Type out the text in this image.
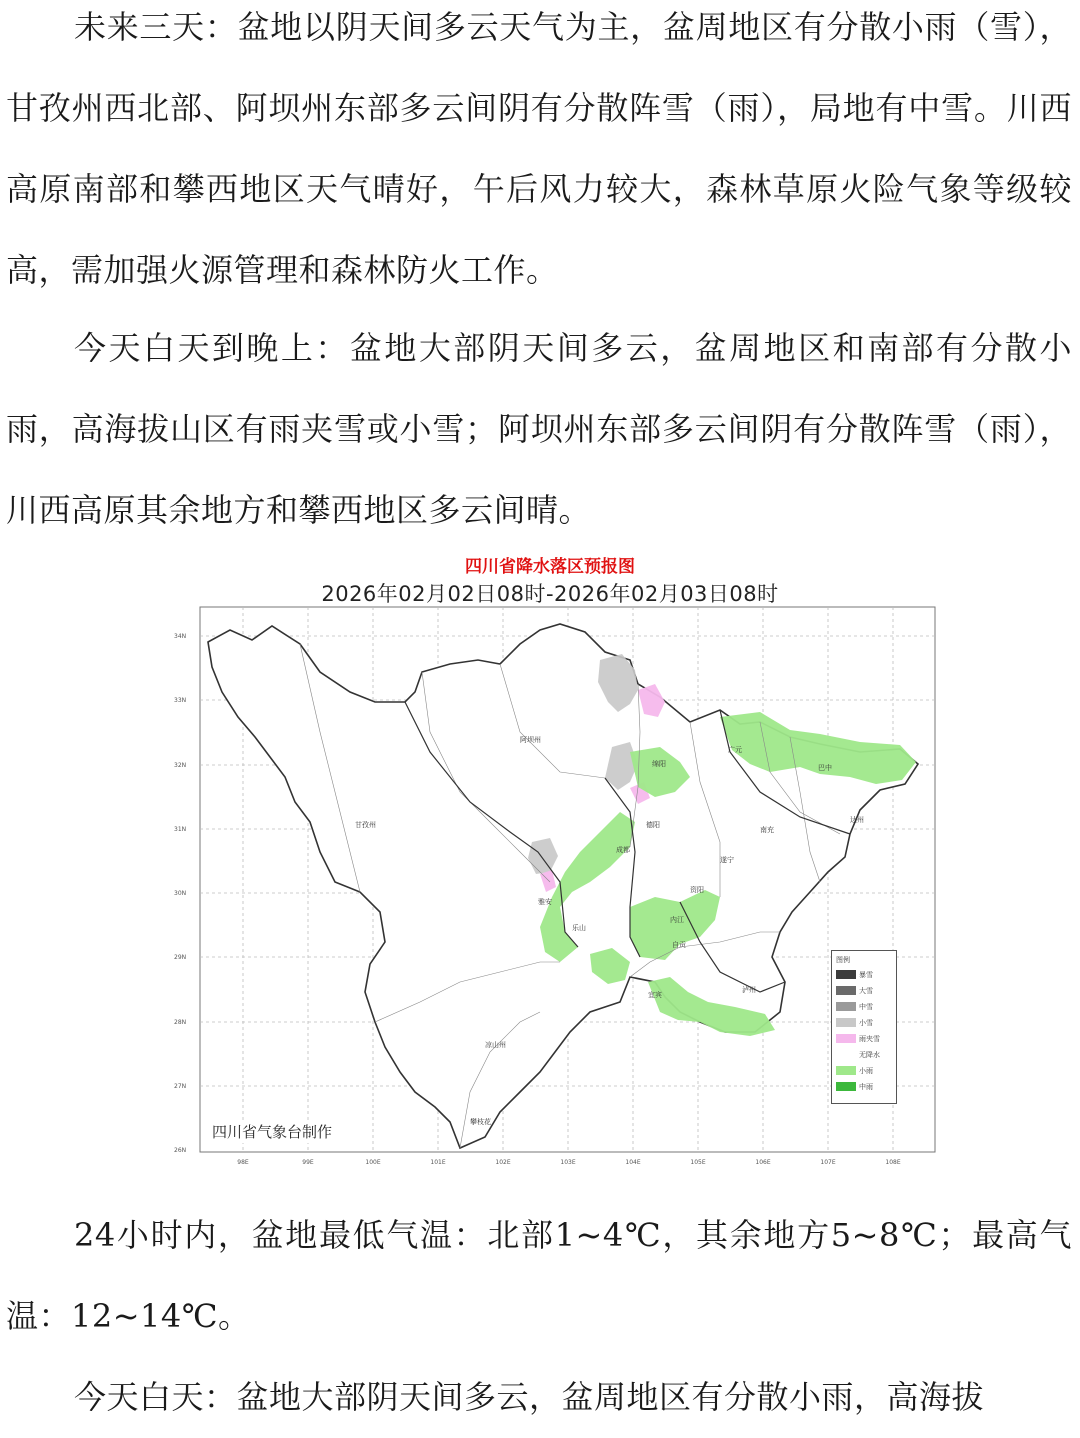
未来三天：盆地以阴天间多云天气为主，盆周地区有分散小雨（雪），甘孜州西北部、阿坝州东部多云间阴有分散阵雪（雨），局地有中雪。川西高原南部和攀西地区天气晴好，午后风力较大，森林草原火险气象等级较高，需加强火源管理和森林防火工作。

今天白天到晚上：盆地大部阴天间多云，盆周地区和南部有分散小雨，高海拔山区有雨夹雪或小雪；阿坝州东部多云间阴有分散阵雪（雨），川西高原其余地方和攀西地区多云间晴。

阿坝州
甘孜州
凉山州
绵阳
广元
巴中
达州
南充
德阳
成都
遂宁
雅安
资阳
乐山
内江
自贡
宜宾
泸州
攀枝花
34N
33N
32N
31N
30N
29N
28N
27N
26N
98E	99E	100E	101E	102E	103E	104E	105E	106E	107E	108E
四川省降水落区预报图
2026年02月02日08时-2026年02月03日08时
四川省气象台制作
图例
暴雪
大雪
中雪
小雪
雨夹雪
无降水
小雨
中雨

24小时内，盆地最低气温：北部1~4℃，其余地方5~8℃；最高气温：12~14℃。

今天白天：盆地大部阴天间多云，盆周地区有分散小雨，高海拔
